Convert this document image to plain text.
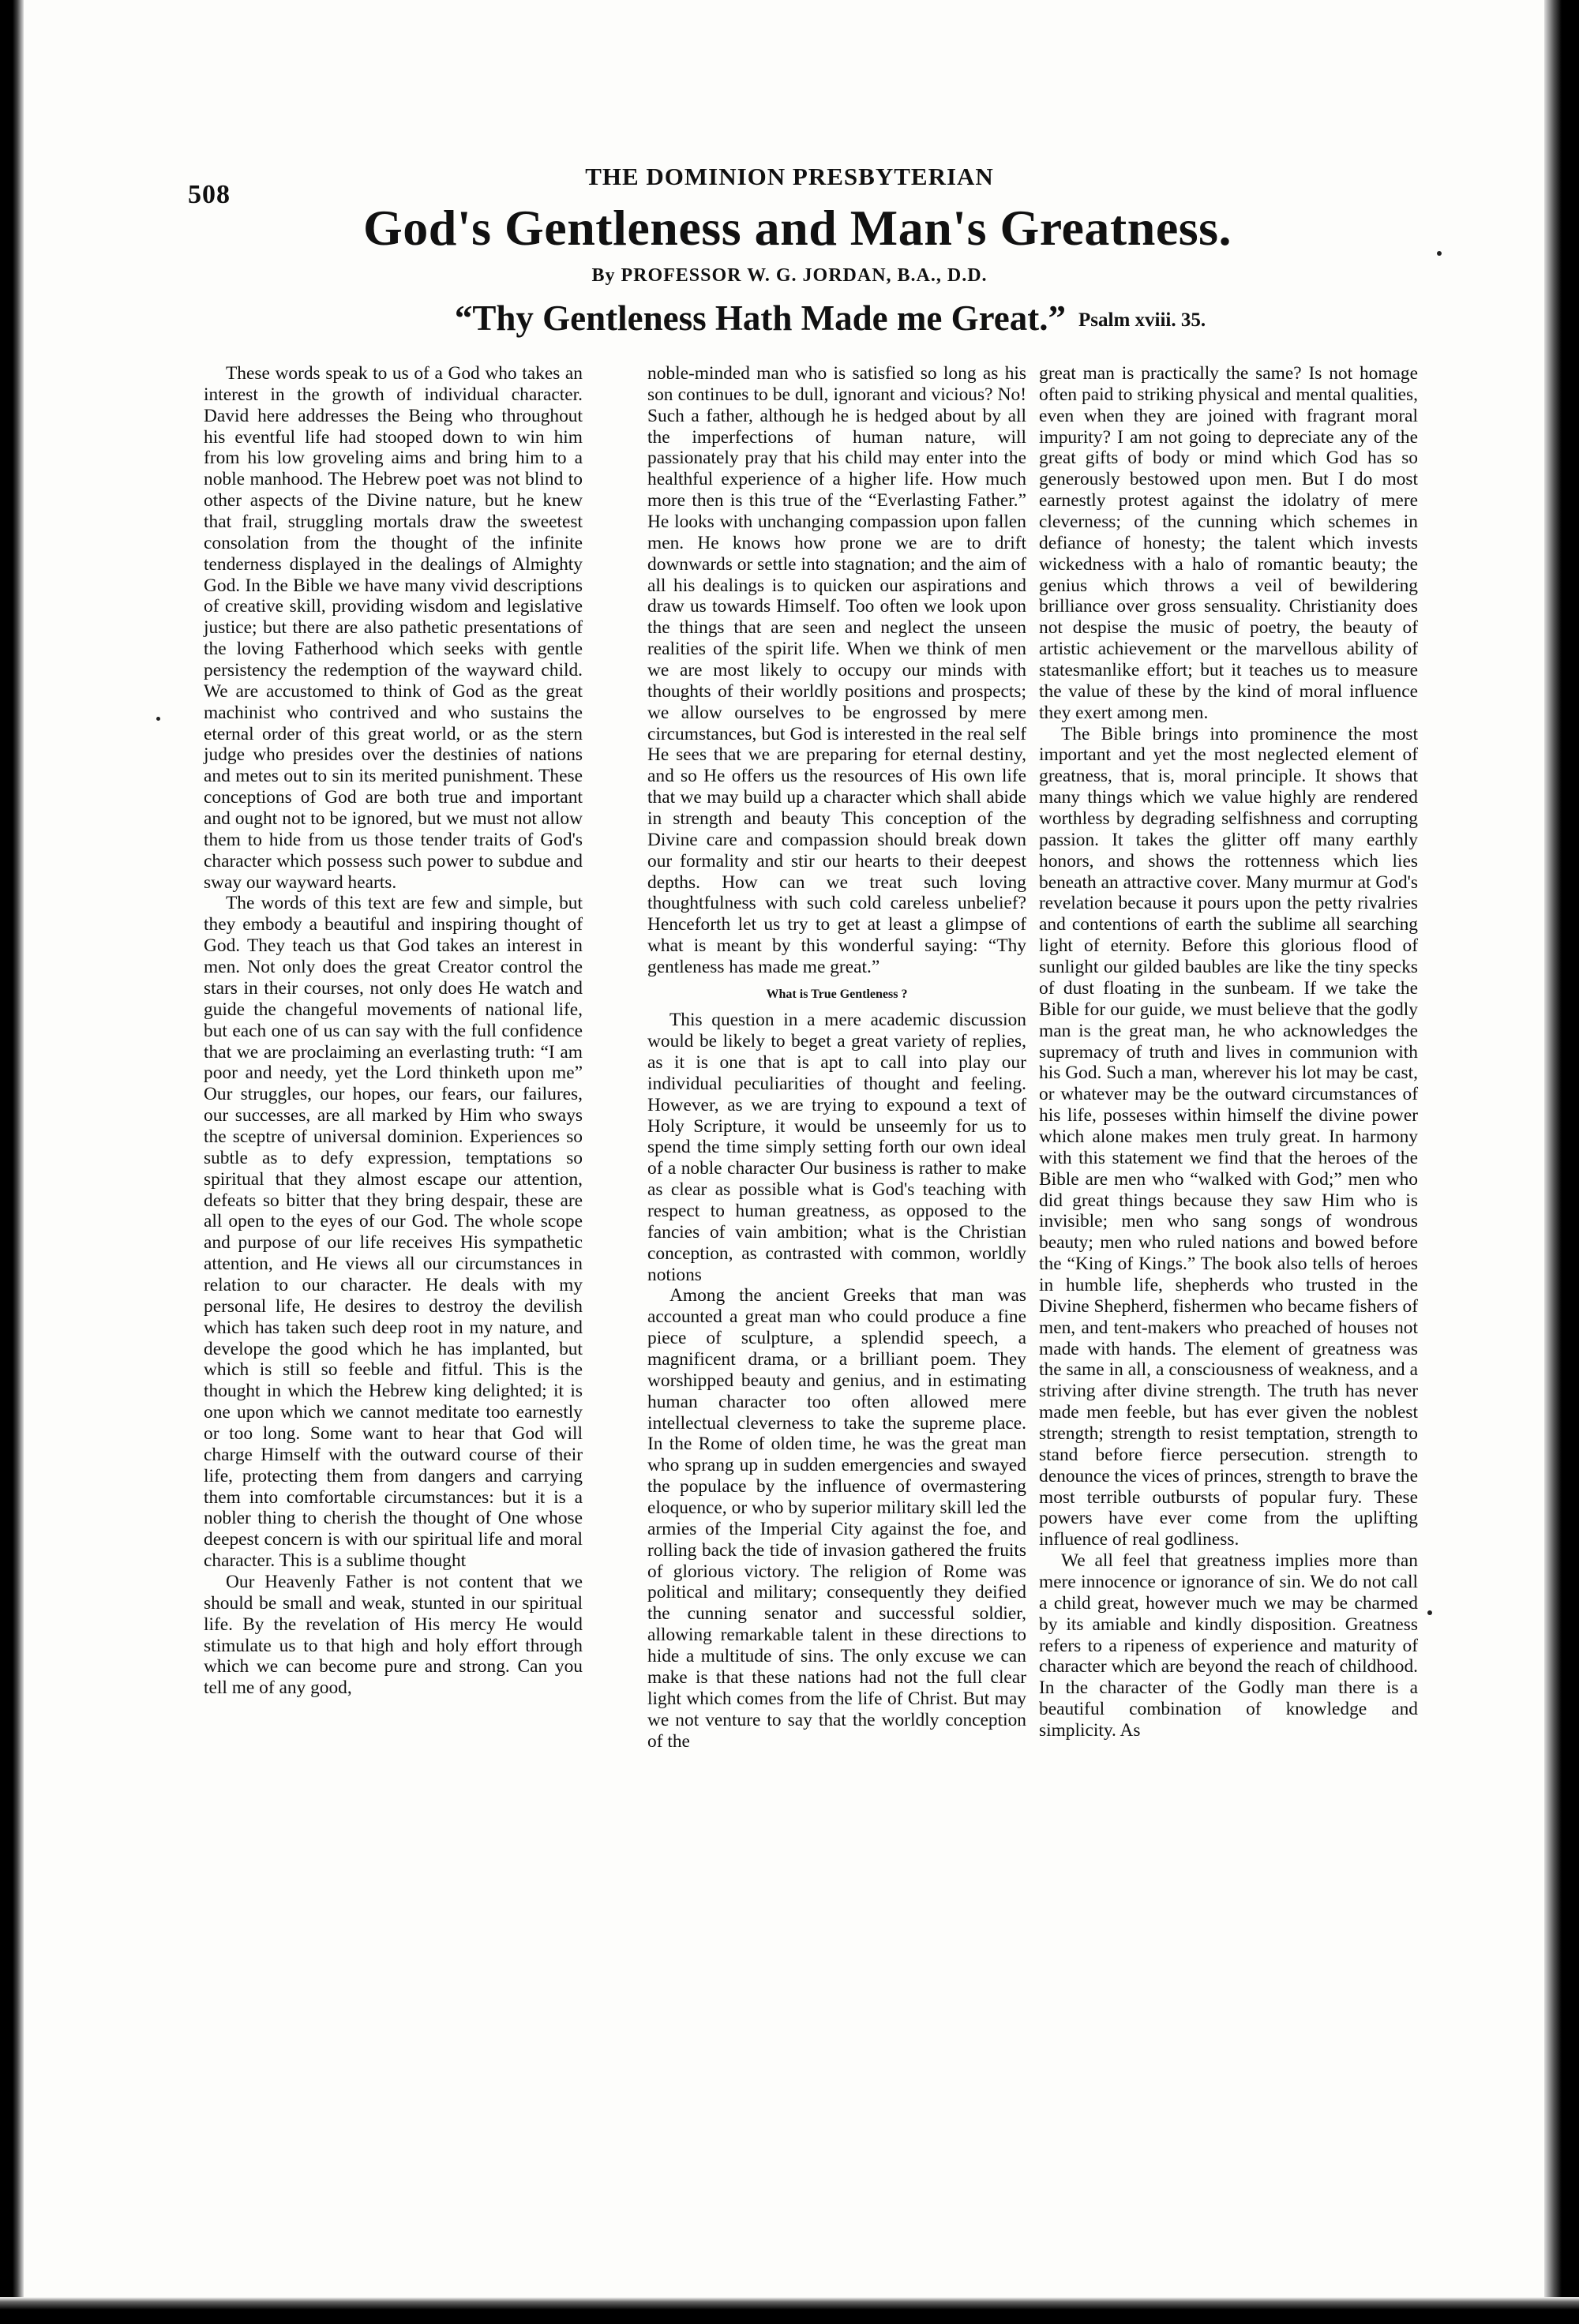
508
THE DOMINION PRESBYTERIAN
God's Gentleness and Man's Greatness.
By PROFESSOR W. G. JORDAN, B.A., D.D.
“Thy Gentleness Hath Made me Great.” Psalm xviii. 35.

These words speak to us of a God who takes an interest in the growth of individual character. David here addresses the Being who throughout his eventful life had stooped down to win him from his low groveling aims and bring him to a noble manhood. The Hebrew poet was not blind to other aspects of the Divine nature, but he knew that frail, struggling mortals draw the sweetest consolation from the thought of the infinite tenderness displayed in the dealings of Almighty God. In the Bible we have many vivid descriptions of creative skill, providing wisdom and legislative justice; but there are also pathetic presentations of the loving Fatherhood which seeks with gentle persistency the redemption of the wayward child. We are accustomed to think of God as the great machinist who contrived and who sustains the eternal order of this great world, or as the stern judge who presides over the destinies of nations and metes out to sin its merited punishment. These conceptions of God are both true and important and ought not to be ignored, but we must not allow them to hide from us those tender traits of God's character which possess such power to subdue and sway our wayward hearts.

The words of this text are few and simple, but they embody a beautiful and inspiring thought of God. They teach us that God takes an interest in men. Not only does the great Creator control the stars in their courses, not only does He watch and guide the changeful movements of national life, but each one of us can say with the full confidence that we are proclaiming an everlasting truth: “I am poor and needy, yet the Lord thinketh upon me” Our struggles, our hopes, our fears, our failures, our successes, are all marked by Him who sways the sceptre of universal dominion. Experiences so subtle as to defy expression, temptations so spiritual that they almost escape our attention, defeats so bitter that they bring despair, these are all open to the eyes of our God. The whole scope and purpose of our life receives His sympathetic attention, and He views all our circumstances in relation to our character. He deals with my personal life, He desires to destroy the devilish which has taken such deep root in my nature, and develope the good which he has implanted, but which is still so feeble and fitful. This is the thought in which the Hebrew king delighted; it is one upon which we cannot meditate too earnestly or too long. Some want to hear that God will charge Himself with the outward course of their life, protecting them from dangers and carrying them into comfortable circumstances: but it is a nobler thing to cherish the thought of One whose deepest concern is with our spiritual life and moral character. This is a sublime thought

Our Heavenly Father is not content that we should be small and weak, stunted in our spiritual life. By the revelation of His mercy He would stimulate us to that high and holy effort through which we can become pure and strong. Can you tell me of any good,

noble-minded man who is satisfied so long as his son continues to be dull, ignorant and vicious? No! Such a father, although he is hedged about by all the imperfections of human nature, will passionately pray that his child may enter into the healthful experience of a higher life. How much more then is this true of the “Everlasting Father.” He looks with unchanging compassion upon fallen men. He knows how prone we are to drift downwards or settle into stagnation; and the aim of all his dealings is to quicken our aspirations and draw us towards Himself. Too often we look upon the things that are seen and neglect the unseen realities of the spirit life. When we think of men we are most likely to occupy our minds with thoughts of their worldly positions and prospects; we allow ourselves to be engrossed by mere circumstances, but God is interested in the real self He sees that we are preparing for eternal destiny, and so He offers us the resources of His own life that we may build up a character which shall abide in strength and beauty This conception of the Divine care and compassion should break down our formality and stir our hearts to their deepest depths. How can we treat such loving thoughtfulness with such cold careless unbelief? Henceforth let us try to get at least a glimpse of what is meant by this wonderful saying: “Thy gentleness has made me great.”

What is True Gentleness ?

This question in a mere academic discussion would be likely to beget a great variety of replies, as it is one that is apt to call into play our individual peculiarities of thought and feeling. However, as we are trying to expound a text of Holy Scripture, it would be unseemly for us to spend the time simply setting forth our own ideal of a noble character Our business is rather to make as clear as possible what is God's teaching with respect to human greatness, as opposed to the fancies of vain ambition; what is the Christian conception, as contrasted with common, worldly notions

Among the ancient Greeks that man was accounted a great man who could produce a fine piece of sculpture, a splendid speech, a magnificent drama, or a brilliant poem. They worshipped beauty and genius, and in estimating human character too often allowed mere intellectual cleverness to take the supreme place. In the Rome of olden time, he was the great man who sprang up in sudden emergencies and swayed the populace by the influence of overmastering eloquence, or who by superior military skill led the armies of the Imperial City against the foe, and rolling back the tide of invasion gathered the fruits of glorious victory. The religion of Rome was political and military; consequently they deified the cunning senator and successful soldier, allowing remarkable talent in these directions to hide a multitude of sins. The only excuse we can make is that these nations had not the full clear light which comes from the life of Christ. But may we not venture to say that the worldly conception of the

great man is practically the same? Is not homage often paid to striking physical and mental qualities, even when they are joined with fragrant moral impurity? I am not going to depreciate any of the great gifts of body or mind which God has so generously bestowed upon men. But I do most earnestly protest against the idolatry of mere cleverness; of the cunning which schemes in defiance of honesty; the talent which invests wickedness with a halo of romantic beauty; the genius which throws a veil of bewildering brilliance over gross sensuality. Christianity does not despise the music of poetry, the beauty of artistic achievement or the marvellous ability of statesmanlike effort; but it teaches us to measure the value of these by the kind of moral influence they exert among men.

The Bible brings into prominence the most important and yet the most neglected element of greatness, that is, moral principle. It shows that many things which we value highly are rendered worthless by degrading selfishness and corrupting passion. It takes the glitter off many earthly honors, and shows the rottenness which lies beneath an attractive cover. Many murmur at God's revelation because it pours upon the petty rivalries and contentions of earth the sublime all searching light of eternity. Before this glorious flood of sunlight our gilded baubles are like the tiny specks of dust floating in the sunbeam. If we take the Bible for our guide, we must believe that the godly man is the great man, he who acknowledges the supremacy of truth and lives in communion with his God. Such a man, wherever his lot may be cast, or whatever may be the outward circumstances of his life, posseses within himself the divine power which alone makes men truly great. In harmony with this statement we find that the heroes of the Bible are men who “walked with God;” men who did great things because they saw Him who is invisible; men who sang songs of wondrous beauty; men who ruled nations and bowed before the “King of Kings.” The book also tells of heroes in humble life, shepherds who trusted in the Divine Shepherd, fishermen who became fishers of men, and tent-makers who preached of houses not made with hands. The element of greatness was the same in all, a consciousness of weakness, and a striving after divine strength. The truth has never made men feeble, but has ever given the noblest strength; strength to resist temptation, strength to stand before fierce persecution. strength to denounce the vices of princes, strength to brave the most terrible outbursts of popular fury. These powers have ever come from the uplifting influence of real godliness.

We all feel that greatness implies more than mere innocence or ignorance of sin. We do not call a child great, however much we may be charmed by its amiable and kindly disposition. Greatness refers to a ripeness of experience and maturity of character which are beyond the reach of childhood. In the character of the Godly man there is a beautiful combination of knowledge and simplicity. As
